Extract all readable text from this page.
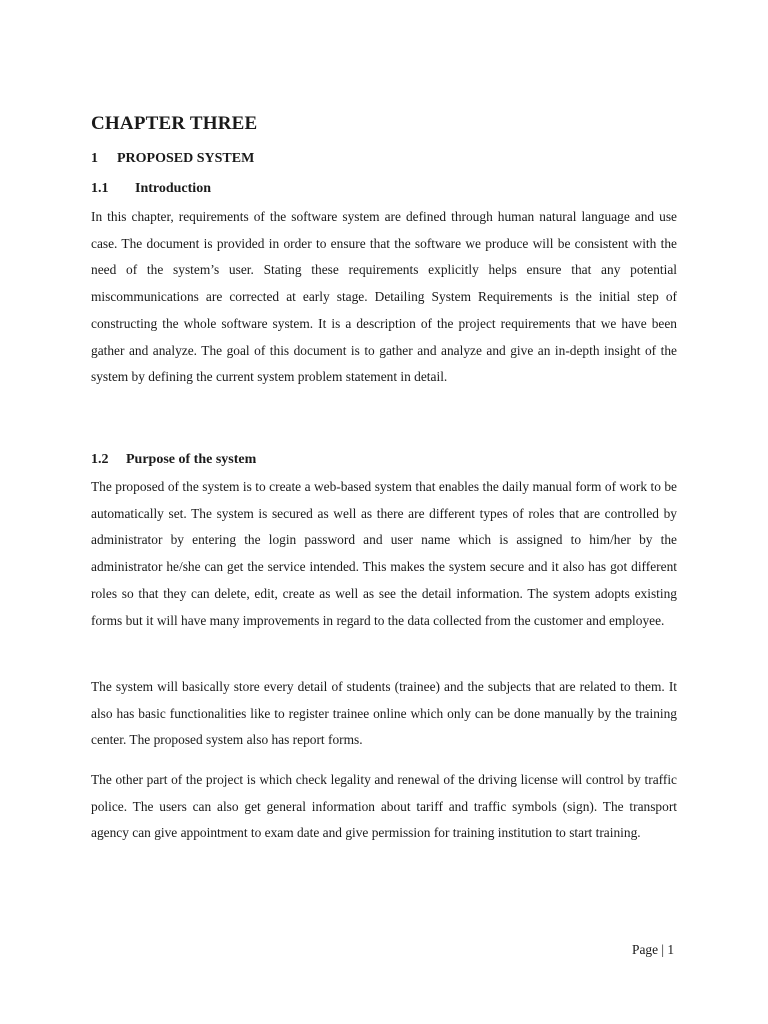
CHAPTER THREE
1 PROPOSED SYSTEM
1.1 Introduction

In this chapter, requirements of the software system are defined through human natural language and use case. The document is provided in order to ensure that the software we produce will be consistent with the need of the system’s user. Stating these requirements explicitly helps ensure that any potential miscommunications are corrected at early stage. Detailing System Requirements is the initial step of constructing the whole software system. It is a description of the project requirements that we have been gather and analyze. The goal of this document is to gather and analyze and give an in-depth insight of the system by defining the current system problem statement in detail.

1.2 Purpose of the system

The proposed of the system is to create a web-based system that enables the daily manual form of work to be automatically set. The system is secured as well as there are different types of roles that are controlled by administrator by entering the login password and user name which is assigned to him/her by the administrator he/she can get the service intended. This makes the system secure and it also has got different roles so that they can delete, edit, create as well as see the detail information. The system adopts existing forms but it will have many improvements in regard to the data collected from the customer and employee.

The system will basically store every detail of students (trainee) and the subjects that are related to them. It also has basic functionalities like to register trainee online which only can be done manually by the training center. The proposed system also has report forms.

The other part of the project is which check legality and renewal of the driving license will control by traffic police. The users can also get general information about tariff and traffic symbols (sign). The transport agency can give appointment to exam date and give permission for training institution to start training.

Page | 1
